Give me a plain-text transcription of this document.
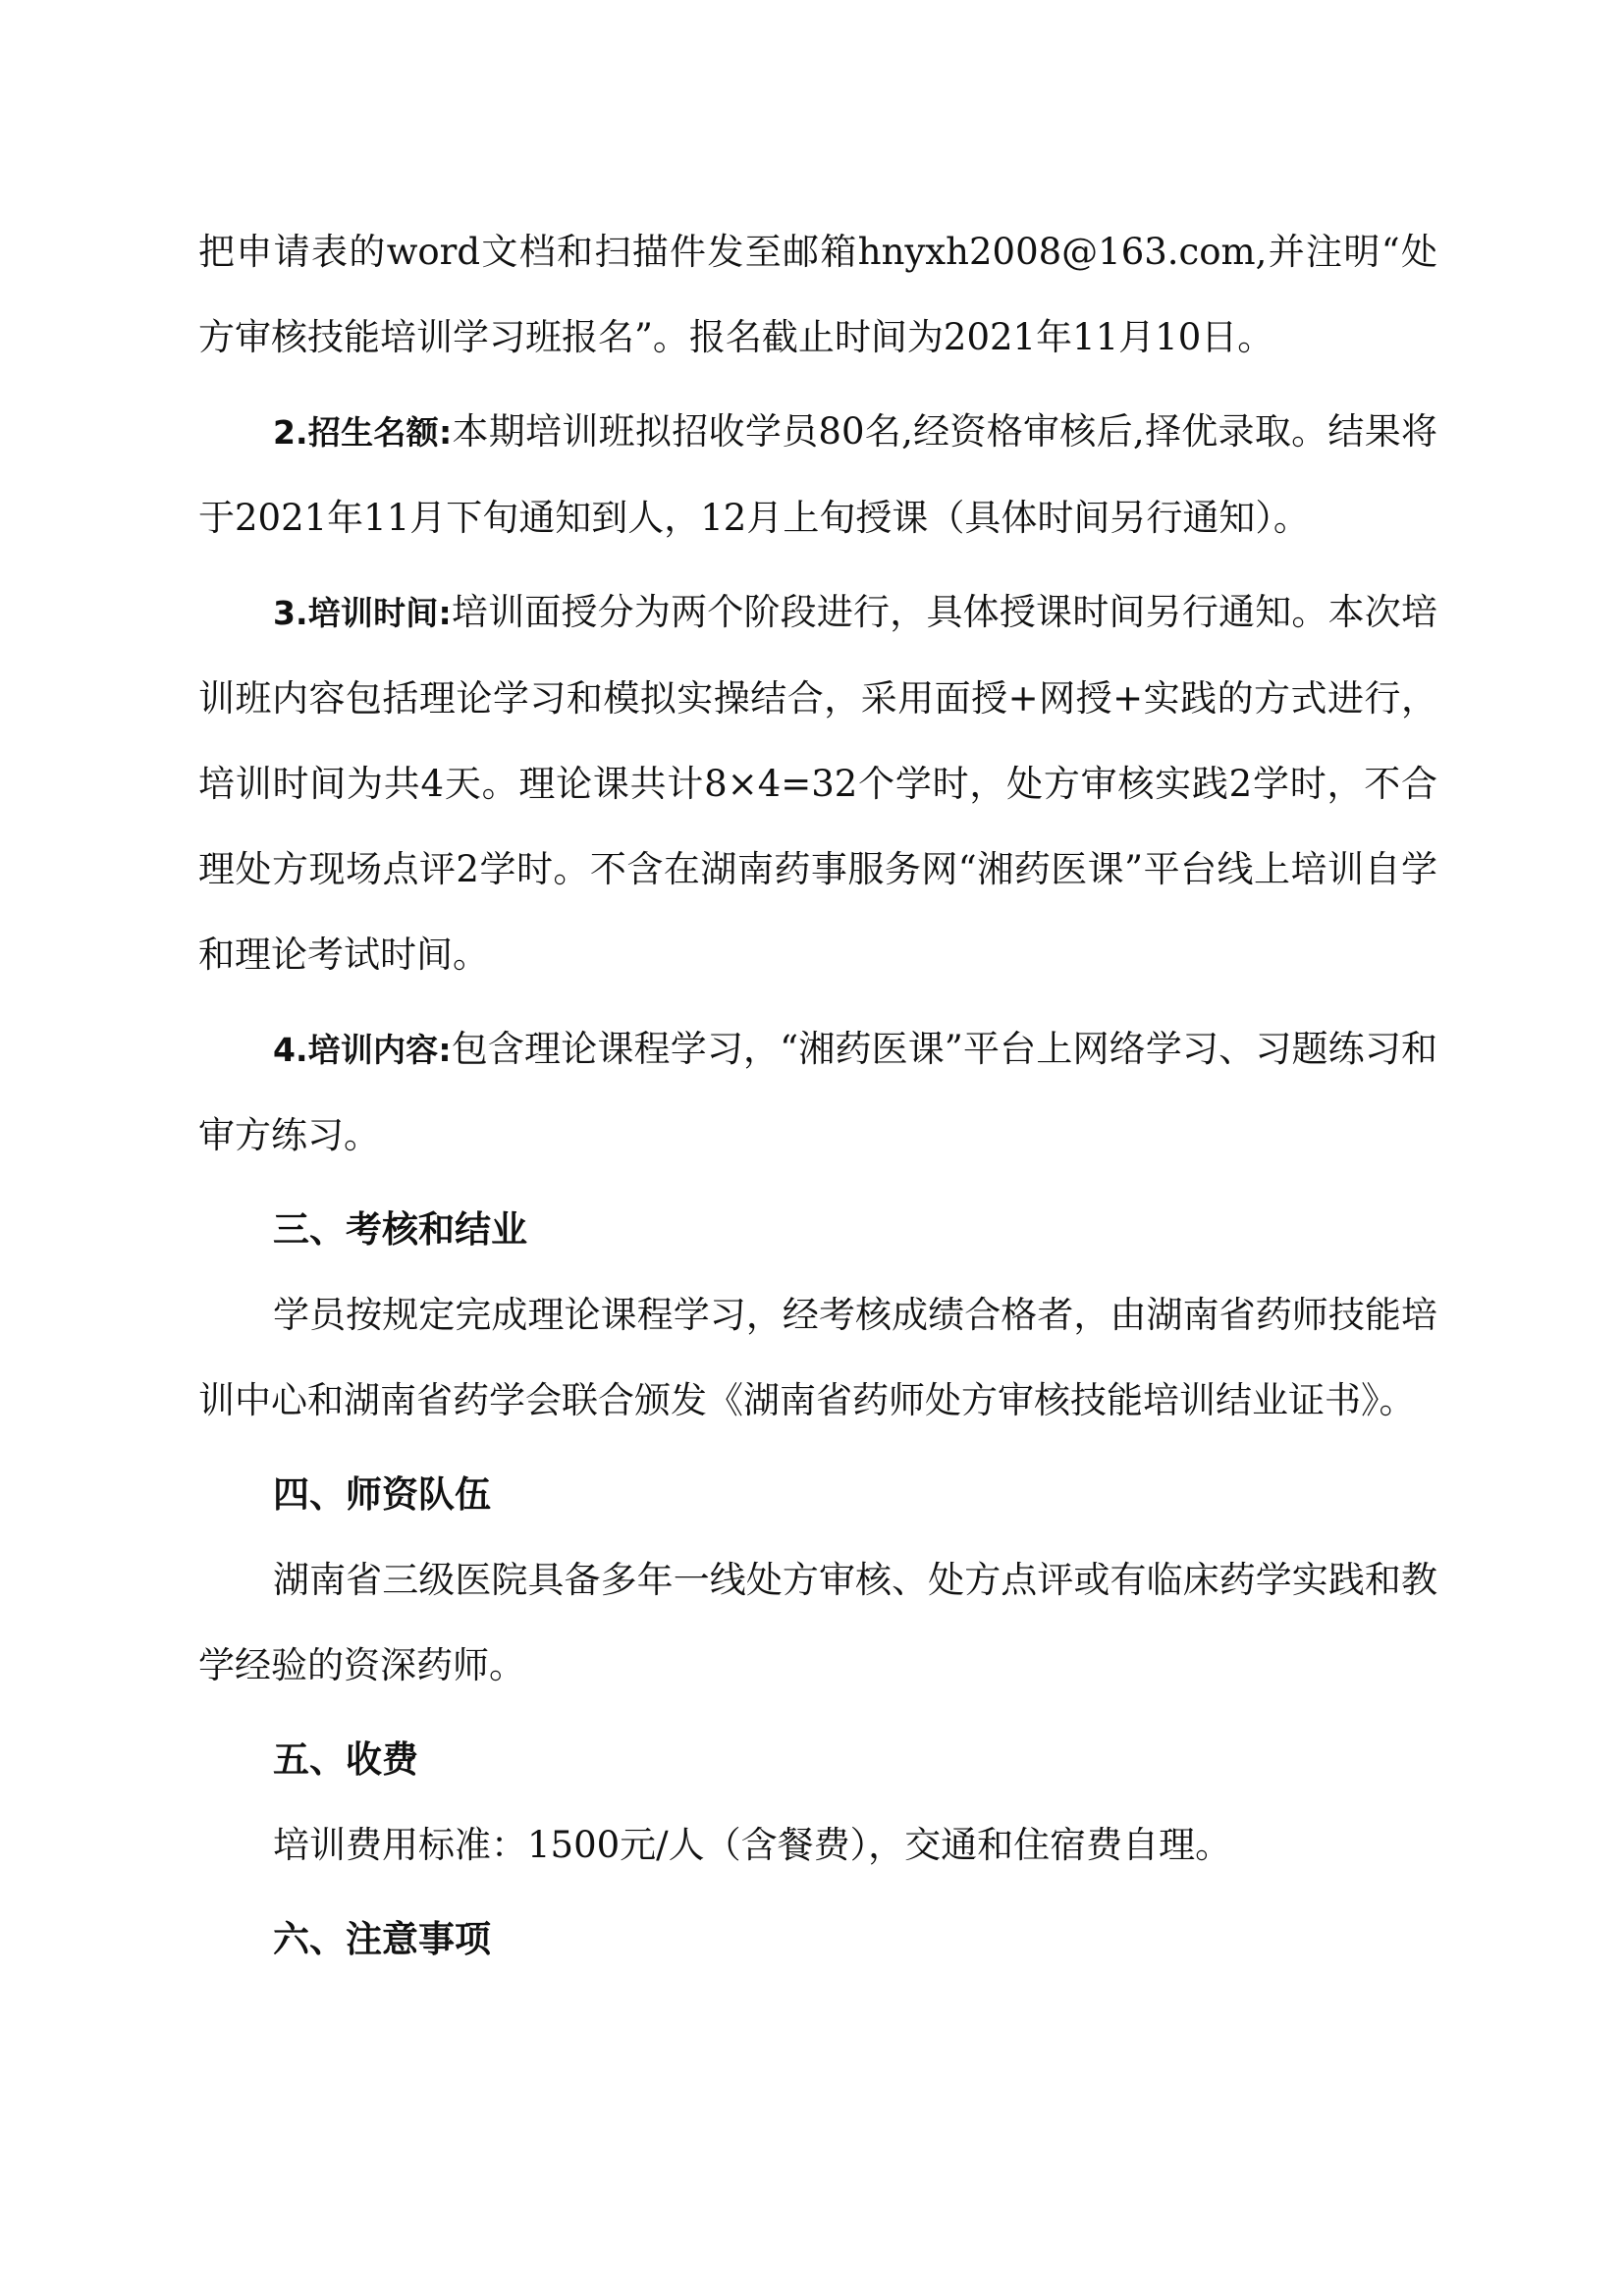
把申请表的word文档和扫描件发至邮箱hnyxh2008@163.com,并注明“处方审核技能培训学习班报名”。报名截止时间为2021年11月10日。

2.招生名额:本期培训班拟招收学员80名,经资格审核后,择优录取。结果将于2021年11月下旬通知到人，12月上旬授课（具体时间另行通知）。

3.培训时间:培训面授分为两个阶段进行，具体授课时间另行通知。本次培训班内容包括理论学习和模拟实操结合，采用面授+网授+实践的方式进行，培训时间为共4天。理论课共计8×4=32个学时，处方审核实践2学时，不合理处方现场点评2学时。不含在湖南药事服务网“湘药医课”平台线上培训自学和理论考试时间。

4.培训内容:包含理论课程学习，“湘药医课”平台上网络学习、习题练习和审方练习。

三、考核和结业

学员按规定完成理论课程学习，经考核成绩合格者，由湖南省药师技能培训中心和湖南省药学会联合颁发《湖南省药师处方审核技能培训结业证书》。

四、师资队伍

湖南省三级医院具备多年一线处方审核、处方点评或有临床药学实践和教学经验的资深药师。

五、收费

培训费用标准：1500元/人（含餐费），交通和住宿费自理。

六、注意事项
